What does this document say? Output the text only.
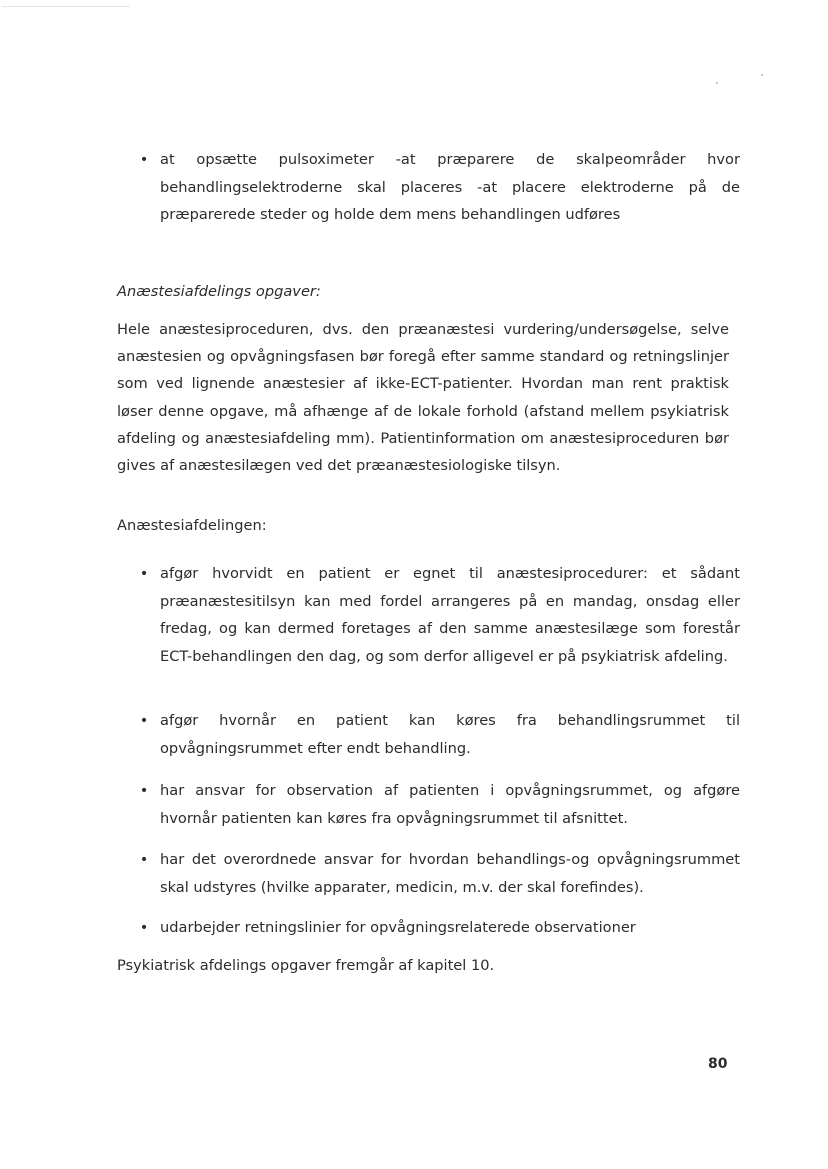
• at opsætte pulsoximeter -at præparere de skalpeområder hvor behandlingselektroderne skal placeres -at placere elektroderne på de præparerede steder og holde dem mens behandlingen udføres
Anæstesiafdelings opgaver:
Hele anæstesiproceduren, dvs. den præanæstesi vurdering/undersøgelse, selve anæstesien og opvågningsfasen bør foregå efter samme standard og retningslinjer som ved lignende anæstesier af ikke-ECT-patienter. Hvordan man rent praktisk løser denne opgave, må afhænge af de lokale forhold (afstand mellem psykiatrisk afdeling og anæstesiafdeling mm). Patientinformation om anæstesiproceduren bør gives af anæstesilægen ved det præanæstesiologiske tilsyn.
Anæstesiafdelingen:
• afgør hvorvidt en patient er egnet til anæstesiprocedurer: et sådant præanæstesitilsyn kan med fordel arrangeres på en mandag, onsdag eller fredag, og kan dermed foretages af den samme anæstesilæge som forestår ECT-behandlingen den dag, og som derfor alligevel er på psykiatrisk afdeling.
• afgør hvornår en patient kan køres fra behandlingsrummet til opvågningsrummet efter endt behandling.
• har ansvar for observation af patienten i opvågningsrummet, og afgøre hvornår patienten kan køres fra opvågningsrummet til afsnittet.
• har det overordnede ansvar for hvordan behandlings-og opvågningsrummet skal udstyres (hvilke apparater, medicin, m.v. der skal forefindes).
• udarbejder retningslinier for opvågningsrelaterede observationer
Psykiatrisk afdelings opgaver fremgår af kapitel 10.
80
